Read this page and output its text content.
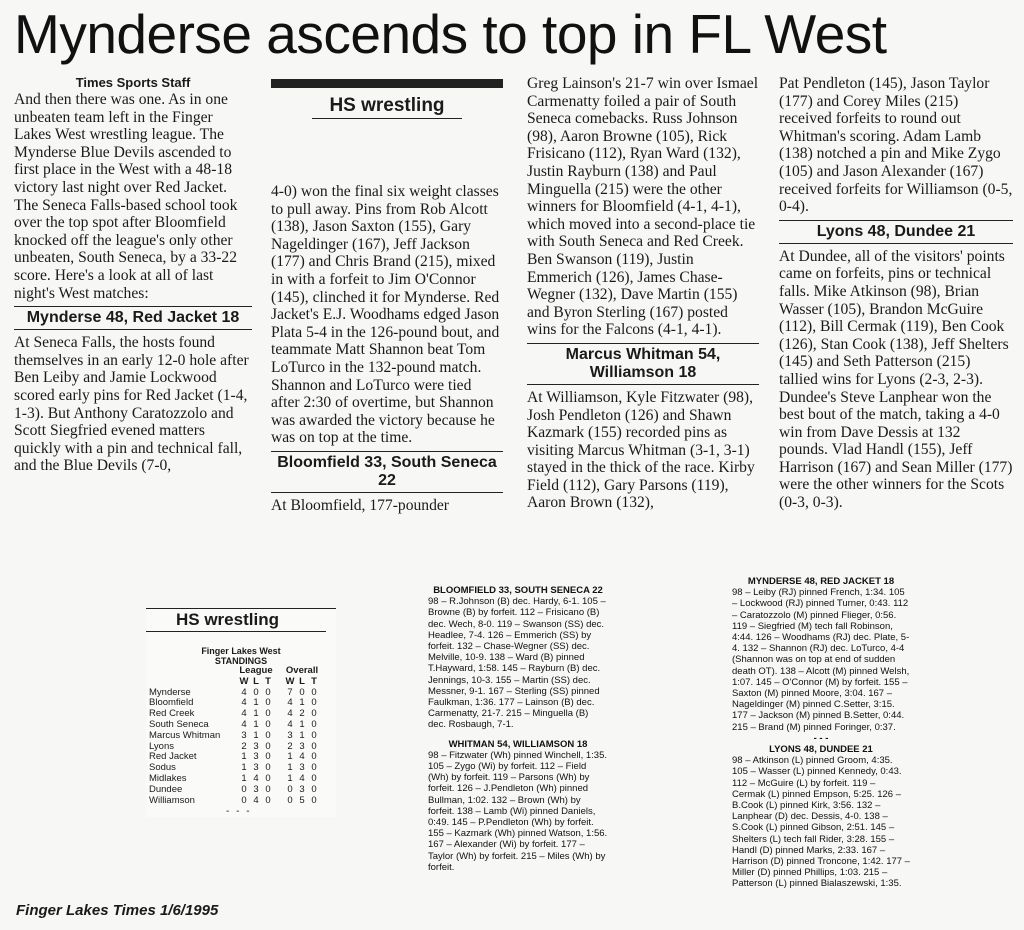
Mynderse ascends to top in FL West
Times Sports Staff

And then there was one. As in one unbeaten team left in the Finger Lakes West wrestling league. The Mynderse Blue Devils ascended to first place in the West with a 48-18 victory last night over Red Jacket. The Seneca Falls-based school took over the top spot after Bloomfield knocked off the league's only other unbeaten, South Seneca, by a 33-22 score. Here's a look at all of last night's West matches:

Mynderse 48, Red Jacket 18

At Seneca Falls, the hosts found themselves in an early 12-0 hole after Ben Leiby and Jamie Lockwood scored early pins for Red Jacket (1-4, 1-3). But Anthony Caratozzolo and Scott Siegfried evened matters quickly with a pin and technical fall, and the Blue Devils (7-0,

HS wrestling

4-0) won the final six weight classes to pull away. Pins from Rob Alcott (138), Jason Saxton (155), Gary Nageldinger (167), Jeff Jackson (177) and Chris Brand (215), mixed in with a forfeit to Jim O'Connor (145), clinched it for Mynderse. Red Jacket's E.J. Woodhams edged Jason Plata 5-4 in the 126-pound bout, and teammate Matt Shannon beat Tom LoTurco in the 132-pound match. Shannon and LoTurco were tied after 2:30 of overtime, but Shannon was awarded the victory because he was on top at the time.

Bloomfield 33, South Seneca 22

At Bloomfield, 177-pounder

Greg Lainson's 21-7 win over Ismael Carmenatty foiled a pair of South Seneca comebacks. Russ Johnson (98), Aaron Browne (105), Rick Frisicano (112), Ryan Ward (132), Justin Rayburn (138) and Paul Minguella (215) were the other winners for Bloomfield (4-1, 4-1), which moved into a second-place tie with South Seneca and Red Creek. Ben Swanson (119), Justin Emmerich (126), James Chase-Wegner (132), Dave Martin (155) and Byron Sterling (167) posted wins for the Falcons (4-1, 4-1).

Marcus Whitman 54, Williamson 18

At Williamson, Kyle Fitzwater (98), Josh Pendleton (126) and Shawn Kazmark (155) recorded pins as visiting Marcus Whitman (3-1, 3-1) stayed in the thick of the race. Kirby Field (112), Gary Parsons (119), Aaron Brown (132),

Pat Pendleton (145), Jason Taylor (177) and Corey Miles (215) received forfeits to round out Whitman's scoring. Adam Lamb (138) notched a pin and Mike Zygo (105) and Jason Alexander (167) received forfeits for Williamson (0-5, 0-4).

Lyons 48, Dundee 21

At Dundee, all of the visitors' points came on forfeits, pins or technical falls. Mike Atkinson (98), Brian Wasser (105), Brandon McGuire (112), Bill Cermak (119), Ben Cook (126), Stan Cook (138), Jeff Shelters (145) and Seth Patterson (215) tallied wins for Lyons (2-3, 2-3). Dundee's Steve Lanphear won the best bout of the match, taking a 4-0 win from Dave Dessis at 132 pounds. Vlad Handl (155), Jeff Harrison (167) and Sean Miller (177) were the other winners for the Scots (0-3, 0-3).

HS wrestling
Finger Lakes West
STANDINGS
	League				Overall		
	W	L	T		W	L	T
Mynderse	4	0	0		7	0	0
Bloomfield	4	1	0		4	1	0
Red Creek	4	1	0		4	2	0
South Seneca	4	1	0		4	1	0
Marcus Whitman	3	1	0		3	1	0
Lyons	2	3	0		2	3	0
Red Jacket	1	3	0		1	4	0
Sodus	1	3	0		1	3	0
Midlakes	1	4	0		1	4	0
Dundee	0	3	0		0	3	0
Williamson	0	4	0		0	5	0
- - -
BLOOMFIELD 33, SOUTH SENECA 22

98 – R.Johnson (B) dec. Hardy, 6-1. 105 – Browne (B) by forfeit. 112 – Frisicano (B) dec. Wech, 8-0. 119 – Swanson (SS) dec. Headlee, 7-4. 126 – Emmerich (SS) by forfeit. 132 – Chase-Wegner (SS) dec. Melville, 10-9. 138 – Ward (B) pinned T.Hayward, 1:58. 145 – Rayburn (B) dec. Jennings, 10-3. 155 – Martin (SS) dec. Messner, 9-1. 167 – Sterling (SS) pinned Faulkman, 1:36. 177 – Lainson (B) dec. Carmenatty, 21-7. 215 – Minguella (B) dec. Rosbaugh, 7-1.

WHITMAN 54, WILLIAMSON 18

98 – Fitzwater (Wh) pinned Winchell, 1:35. 105 – Zygo (Wi) by forfeit. 112 – Field (Wh) by forfeit. 119 – Parsons (Wh) by forfeit. 126 – J.Pendleton (Wh) pinned Bullman, 1:02. 132 – Brown (Wh) by forfeit. 138 – Lamb (Wi) pinned Daniels, 0:49. 145 – P.Pendleton (Wh) by forfeit. 155 – Kazmark (Wh) pinned Watson, 1:56. 167 – Alexander (Wi) by forfeit. 177 – Taylor (Wh) by forfeit. 215 – Miles (Wh) by forfeit.

MYNDERSE 48, RED JACKET 18

98 – Leiby (RJ) pinned French, 1:34. 105 – Lockwood (RJ) pinned Turner, 0:43. 112 – Caratozzolo (M) pinned Flieger, 0:56. 119 – Siegfried (M) tech fall Robinson, 4:44. 126 – Woodhams (RJ) dec. Plate, 5-4. 132 – Shannon (RJ) dec. LoTurco, 4-4 (Shannon was on top at end of sudden death OT). 138 – Alcott (M) pinned Welsh, 1:07. 145 – O'Connor (M) by forfeit. 155 – Saxton (M) pinned Moore, 3:04. 167 – Nageldinger (M) pinned C.Setter, 3:15. 177 – Jackson (M) pinned B.Setter, 0:44. 215 – Brand (M) pinned Foringer, 0:37.

- - -
LYONS 48, DUNDEE 21

98 – Atkinson (L) pinned Groom, 4:35. 105 – Wasser (L) pinned Kennedy, 0:43. 112 – McGuire (L) by forfeit. 119 – Cermak (L) pinned Empson, 5:25. 126 – B.Cook (L) pinned Kirk, 3:56. 132 – Lanphear (D) dec. Dessis, 4-0. 138 – S.Cook (L) pinned Gibson, 2:51. 145 – Shelters (L) tech fall Rider, 3:28. 155 – Handl (D) pinned Marks, 2:33. 167 – Harrison (D) pinned Troncone, 1:42. 177 – Miller (D) pinned Phillips, 1:03. 215 – Patterson (L) pinned Bialaszewski, 1:35.

Finger Lakes Times 1/6/1995
